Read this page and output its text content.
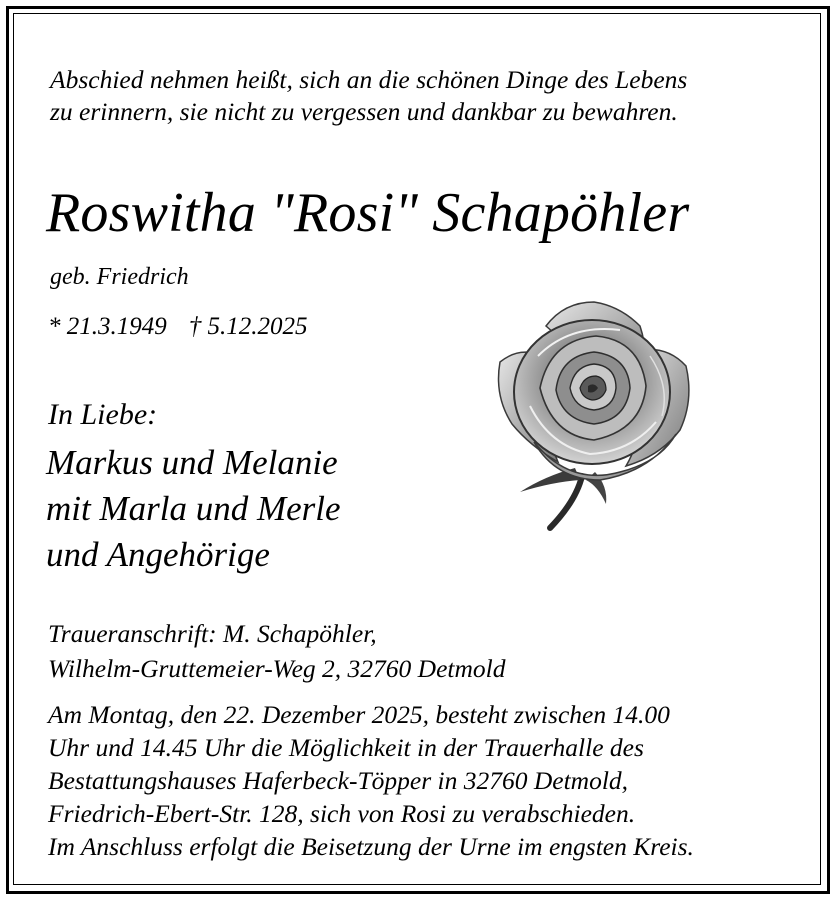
Abschied nehmen heißt, sich an die schönen Dinge des Lebens
zu erinnern, sie nicht zu vergessen und dankbar zu bewahren.
Roswitha "Rosi" Schapöhler
geb. Friedrich
* 21.3.1949 † 5.12.2025
In Liebe:
Markus und Melanie
mit Marla und Merle
und Angehörige
Traueranschrift: M. Schapöhler,
Wilhelm-Gruttemeier-Weg 2, 32760 Detmold
Am Montag, den 22. Dezember 2025, besteht zwischen 14.00
Uhr und 14.45 Uhr die Möglichkeit in der Trauerhalle des
Bestattungshauses Haferbeck-Töpper in 32760 Detmold,
Friedrich-Ebert-Str. 128, sich von Rosi zu verabschieden.
Im Anschluss erfolgt die Beisetzung der Urne im engsten Kreis.
